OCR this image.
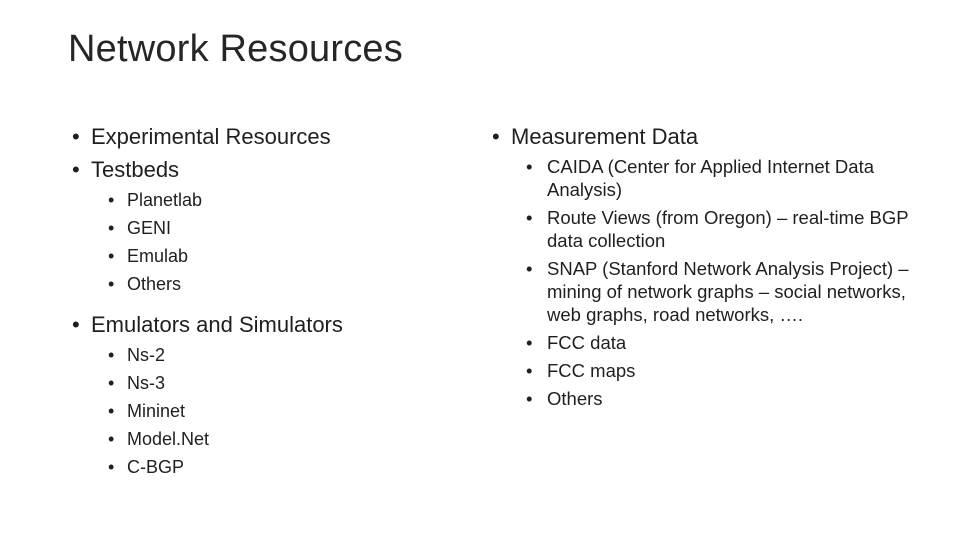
Network Resources
• Experimental Resources
• Testbeds
• Planetlab
• GENI
• Emulab
• Others
• Emulators and Simulators
• Ns-2
• Ns-3
• Mininet
• Model.Net
• C-BGP
• Measurement Data
• CAIDA (Center for Applied Internet Data Analysis)
• Route Views (from Oregon) – real-time BGP data collection
• SNAP (Stanford Network Analysis Project) – mining of network graphs – social networks, web graphs, road networks, ….
• FCC data
• FCC maps
• Others
